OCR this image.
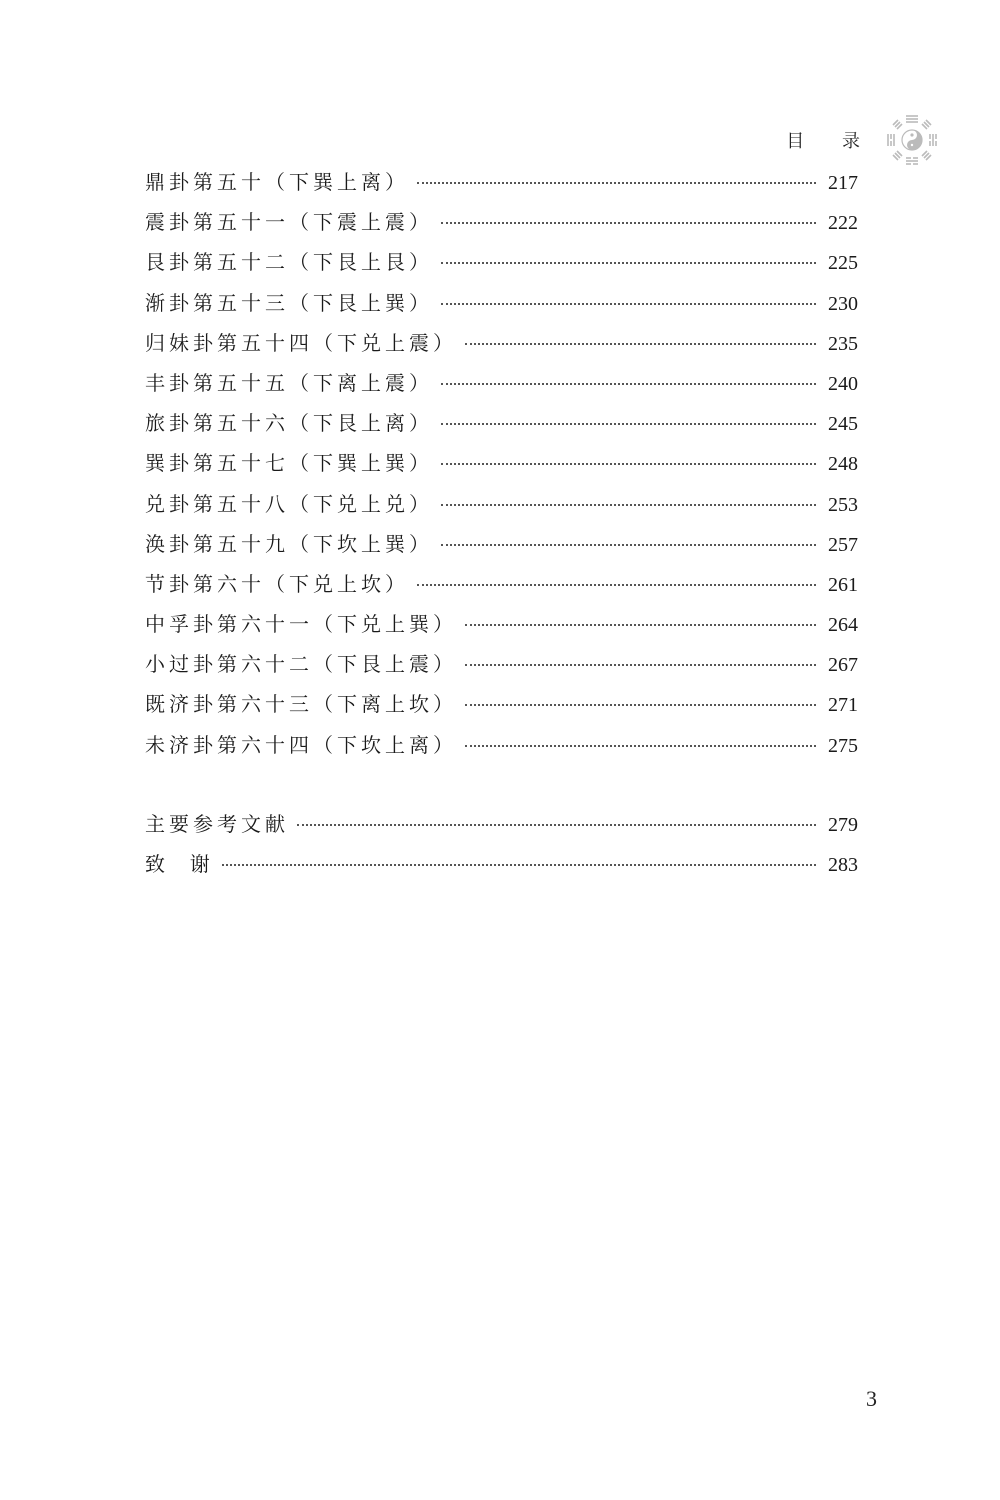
目 录
鼎卦第五十（下巽上离）	217
震卦第五十一（下震上震）	222
艮卦第五十二（下艮上艮）	225
渐卦第五十三（下艮上巽）	230
归妹卦第五十四（下兑上震）	235
丰卦第五十五（下离上震）	240
旅卦第五十六（下艮上离）	245
巽卦第五十七（下巽上巽）	248
兑卦第五十八（下兑上兑）	253
涣卦第五十九（下坎上巽）	257
节卦第六十（下兑上坎）	261
中孚卦第六十一（下兑上巽）	264
小过卦第六十二（下艮上震）	267
既济卦第六十三（下离上坎）	271
未济卦第六十四（下坎上离）	275
主要参考文献	279
致  谢	283
3
